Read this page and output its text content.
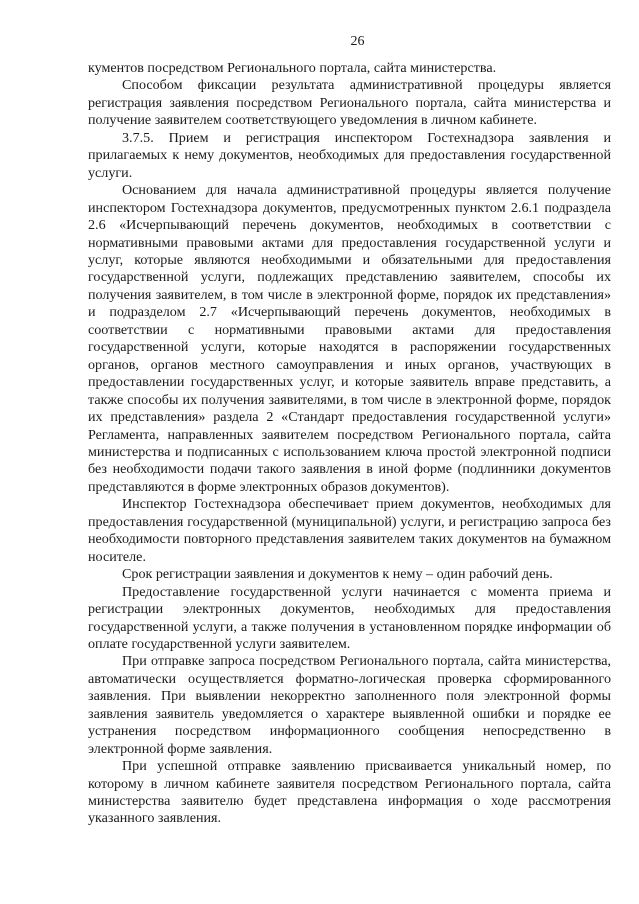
26

кументов посредством Регионального портала, сайта министерства.

Способом фиксации результата административной процедуры является регистрация заявления посредством Регионального портала, сайта министерства и получение заявителем соответствующего уведомления в личном кабинете.

3.7.5. Прием и регистрация инспектором Гостехнадзора заявления и прилагаемых к нему документов, необходимых для предоставления государственной услуги.

Основанием для начала административной процедуры является получение инспектором Гостехнадзора документов, предусмотренных пунктом 2.6.1 подраздела 2.6 «Исчерпывающий перечень документов, необходимых в соответствии с нормативными правовыми актами для предоставления государственной услуги и услуг, которые являются необходимыми и обязательными для предоставления государственной услуги, подлежащих представлению заявителем, способы их получения заявителем, в том числе в электронной форме, порядок их представления» и подразделом 2.7 «Исчерпывающий перечень документов, необходимых в соответствии с нормативными правовыми актами для предоставления государственной услуги, которые находятся в распоряжении государственных органов, органов местного самоуправления и иных органов, участвующих в предоставлении государственных услуг, и которые заявитель вправе представить, а также способы их получения заявителями, в том числе в электронной форме, порядок их представления» раздела 2 «Стандарт предоставления государственной услуги» Регламента, направленных заявителем посредством Регионального портала, сайта министерства и подписанных с использованием ключа простой электронной подписи без необходимости подачи такого заявления в иной форме (подлинники документов представляются в форме электронных образов документов).

Инспектор Гостехнадзора обеспечивает прием документов, необходимых для предоставления государственной (муниципальной) услуги, и регистрацию запроса без необходимости повторного представления заявителем таких документов на бумажном носителе.

Срок регистрации заявления и документов к нему – один рабочий день.

Предоставление государственной услуги начинается с момента приема и регистрации электронных документов, необходимых для предоставления государственной услуги, а также получения в установленном порядке информации об оплате государственной услуги заявителем.

При отправке запроса посредством Регионального портала, сайта министерства, автоматически осуществляется форматно-логическая проверка сформированного заявления. При выявлении некорректно заполненного поля электронной формы заявления заявитель уведомляется о характере выявленной ошибки и порядке ее устранения посредством информационного сообщения непосредственно в электронной форме заявления.

При успешной отправке заявлению присваивается уникальный номер, по которому в личном кабинете заявителя посредством Регионального портала, сайта министерства заявителю будет представлена информация о ходе рассмотрения указанного заявления.
